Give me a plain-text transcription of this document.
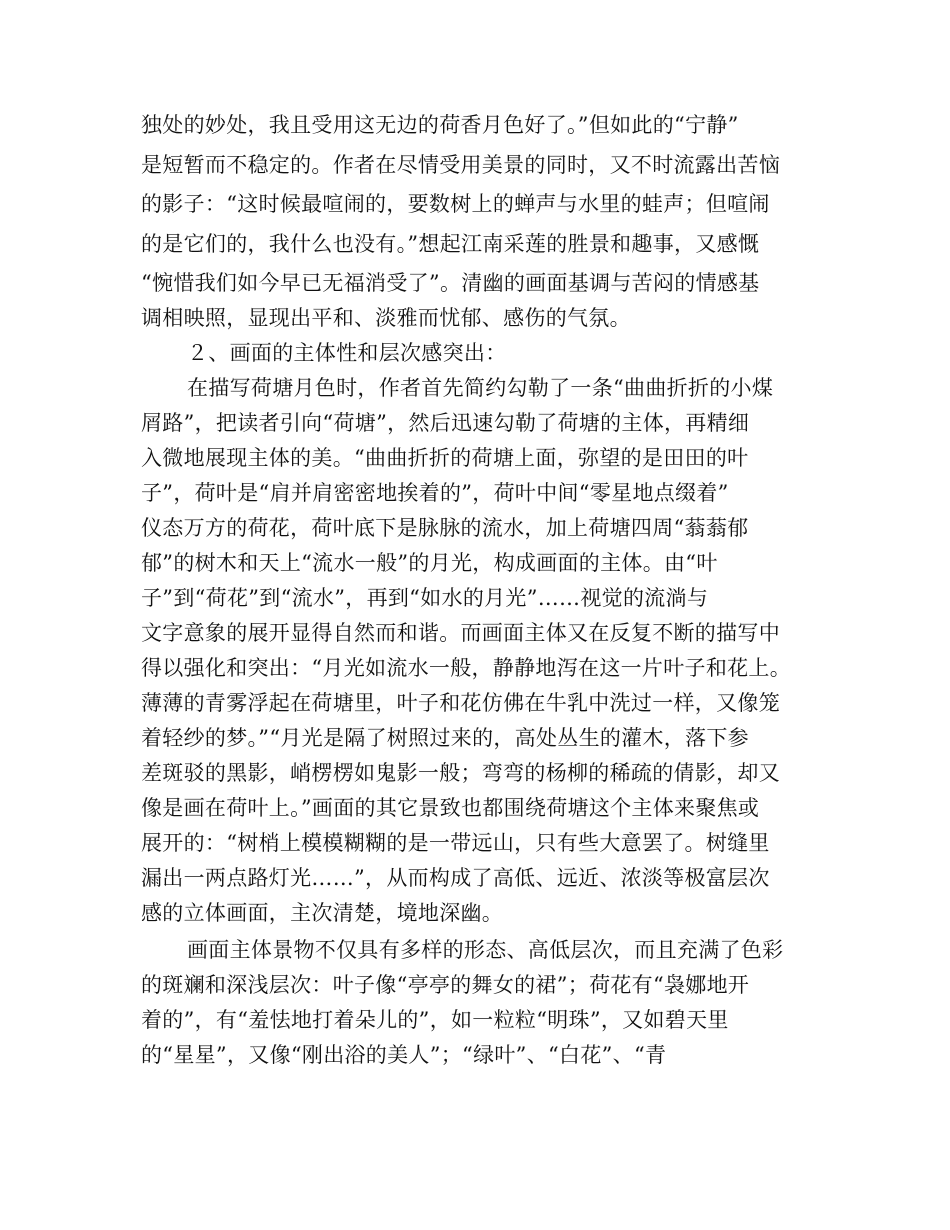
独处的妙处，我且受用这无边的荷香月色好了。”但如此的“宁静”
是短暂而不稳定的。作者在尽情受用美景的同时，又不时流露出苦恼
的影子：“这时候最喧闹的，要数树上的蝉声与水里的蛙声；但喧闹
的是它们的，我什么也没有。”想起江南采莲的胜景和趣事，又感慨
“惋惜我们如今早已无福消受了”。清幽的画面基调与苦闷的情感基
调相映照，显现出平和、淡雅而忧郁、感伤的气氛。
２、画面的主体性和层次感突出：
在描写荷塘月色时，作者首先简约勾勒了一条“曲曲折折的小煤
屑路”，把读者引向“荷塘”，然后迅速勾勒了荷塘的主体，再精细
入微地展现主体的美。“曲曲折折的荷塘上面，弥望的是田田的叶
子”，荷叶是“肩并肩密密地挨着的”，荷叶中间“零星地点缀着”
仪态万方的荷花，荷叶底下是脉脉的流水，加上荷塘四周“蓊蓊郁
郁”的树木和天上“流水一般”的月光，构成画面的主体。由“叶
子”到“荷花”到“流水”，再到“如水的月光”……视觉的流淌与
文字意象的展开显得自然而和谐。而画面主体又在反复不断的描写中
得以强化和突出：“月光如流水一般，静静地泻在这一片叶子和花上。
薄薄的青雾浮起在荷塘里，叶子和花仿佛在牛乳中洗过一样，又像笼
着轻纱的梦。”“月光是隔了树照过来的，高处丛生的灌木，落下参
差斑驳的黑影，峭楞楞如鬼影一般；弯弯的杨柳的稀疏的倩影，却又
像是画在荷叶上。”画面的其它景致也都围绕荷塘这个主体来聚焦或
展开的：“树梢上模模糊糊的是一带远山，只有些大意罢了。树缝里
漏出一两点路灯光……”，从而构成了高低、远近、浓淡等极富层次
感的立体画面，主次清楚，境地深幽。
画面主体景物不仅具有多样的形态、高低层次，而且充满了色彩
的斑斓和深浅层次：叶子像“亭亭的舞女的裙”；荷花有“袅娜地开
着的”，有“羞怯地打着朵儿的”，如一粒粒“明珠”，又如碧天里
的“星星”，又像“刚出浴的美人”；“绿叶”、“白花”、“青
